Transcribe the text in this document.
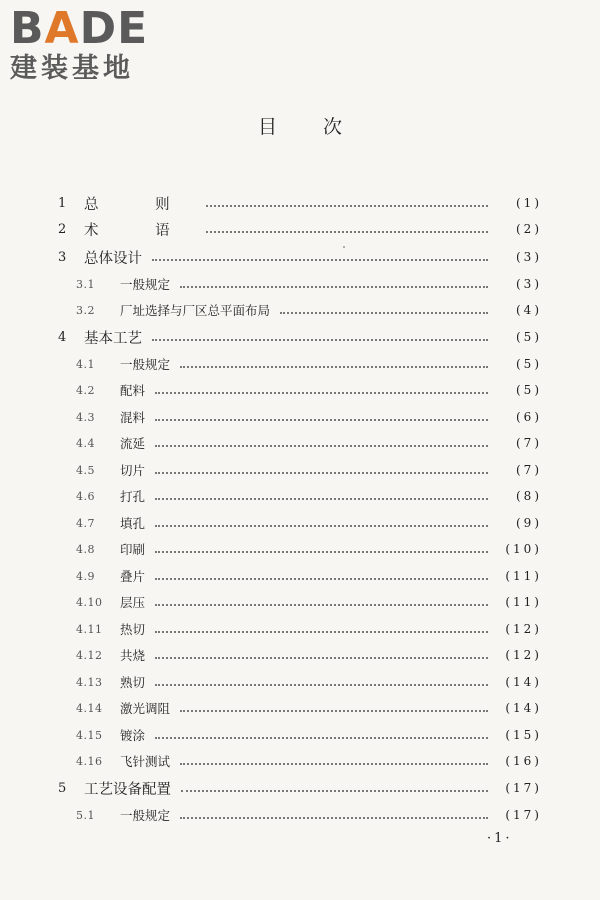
BADE
建装基地
目次
1	总 则	(1)
2	术 语	(2)
3	总体设计	(3)
3.1	一般规定	(3)
3.2	厂址选择与厂区总平面布局	(4)
4	基本工艺	(5)
4.1	一般规定	(5)
4.2	配料	(5)
4.3	混料	(6)
4.4	流延	(7)
4.5	切片	(7)
4.6	打孔	(8)
4.7	填孔	(9)
4.8	印刷	(10)
4.9	叠片	(11)
4.10	层压	(11)
4.11	热切	(12)
4.12	共烧	(12)
4.13	熟切	(14)
4.14	激光调阻	(14)
4.15	镀涂	(15)
4.16	飞针测试	(16)
5	工艺设备配置	(17)
5.1	一般规定	(17)
·1·
